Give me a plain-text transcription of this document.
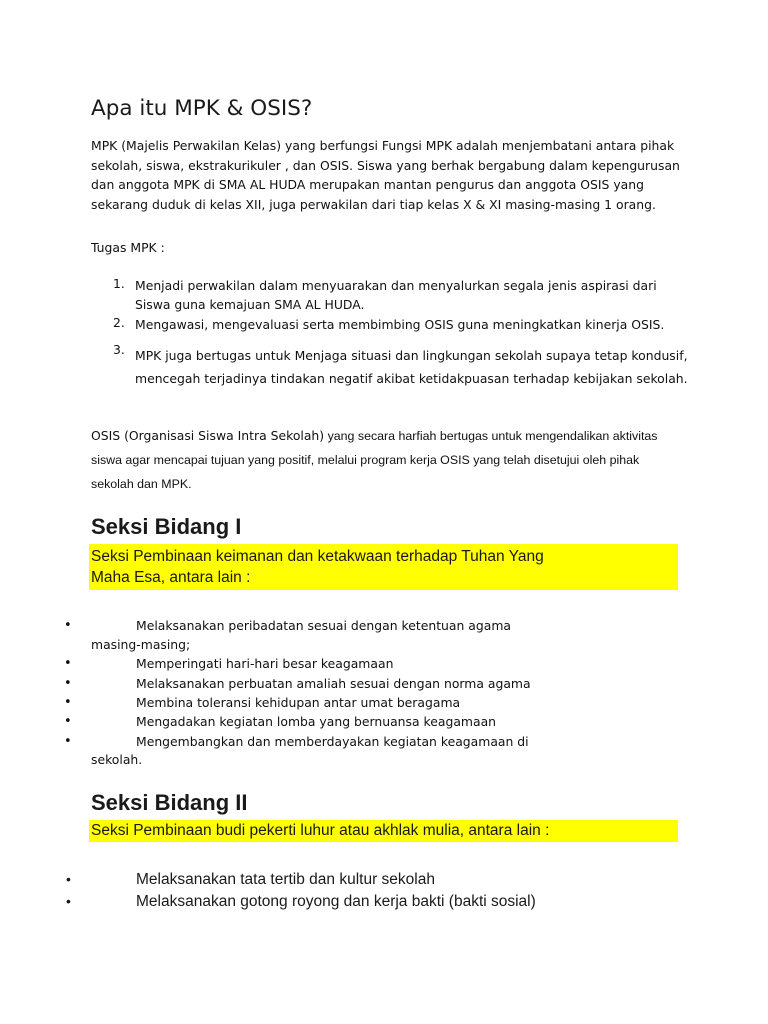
Apa itu MPK & OSIS?
MPK (Majelis Perwakilan Kelas) yang berfungsi Fungsi MPK adalah menjembatani antara pihak
sekolah, siswa, ekstrakurikuler , dan OSIS. Siswa yang berhak bergabung dalam kepengurusan
dan anggota MPK di SMA AL HUDA merupakan mantan pengurus dan anggota OSIS yang
sekarang duduk di kelas XII, juga perwakilan dari tiap kelas X & XI masing-masing 1 orang.
Tugas MPK :
1. Menjadi perwakilan dalam menyuarakan dan menyalurkan segala jenis aspirasi dari
Siswa guna kemajuan SMA AL HUDA.
2. Mengawasi, mengevaluasi serta membimbing OSIS guna meningkatkan kinerja OSIS.
3. MPK juga bertugas untuk Menjaga situasi dan lingkungan sekolah supaya tetap kondusif,
mencegah terjadinya tindakan negatif akibat ketidakpuasan terhadap kebijakan sekolah.
OSIS (Organisasi Siswa Intra Sekolah) yang secara harfiah bertugas untuk mengendalikan aktivitas
siswa agar mencapai tujuan yang positif, melalui program kerja OSIS yang telah disetujui oleh pihak
sekolah dan MPK.
Seksi Bidang I
Seksi Pembinaan keimanan dan ketakwaan terhadap Tuhan Yang
Maha Esa, antara lain :
•	Melaksanakan peribadatan sesuai dengan ketentuan agama
masing-masing;
•	Memperingati hari-hari besar keagamaan
•	Melaksanakan perbuatan amaliah sesuai dengan norma agama
•	Membina toleransi kehidupan antar umat beragama
•	Mengadakan kegiatan lomba yang bernuansa keagamaan
•	Mengembangkan dan memberdayakan kegiatan keagamaan di
sekolah.
Seksi Bidang II
Seksi Pembinaan budi pekerti luhur atau akhlak mulia, antara lain :
•	Melaksanakan tata tertib dan kultur sekolah
•	Melaksanakan gotong royong dan kerja bakti (bakti sosial)
